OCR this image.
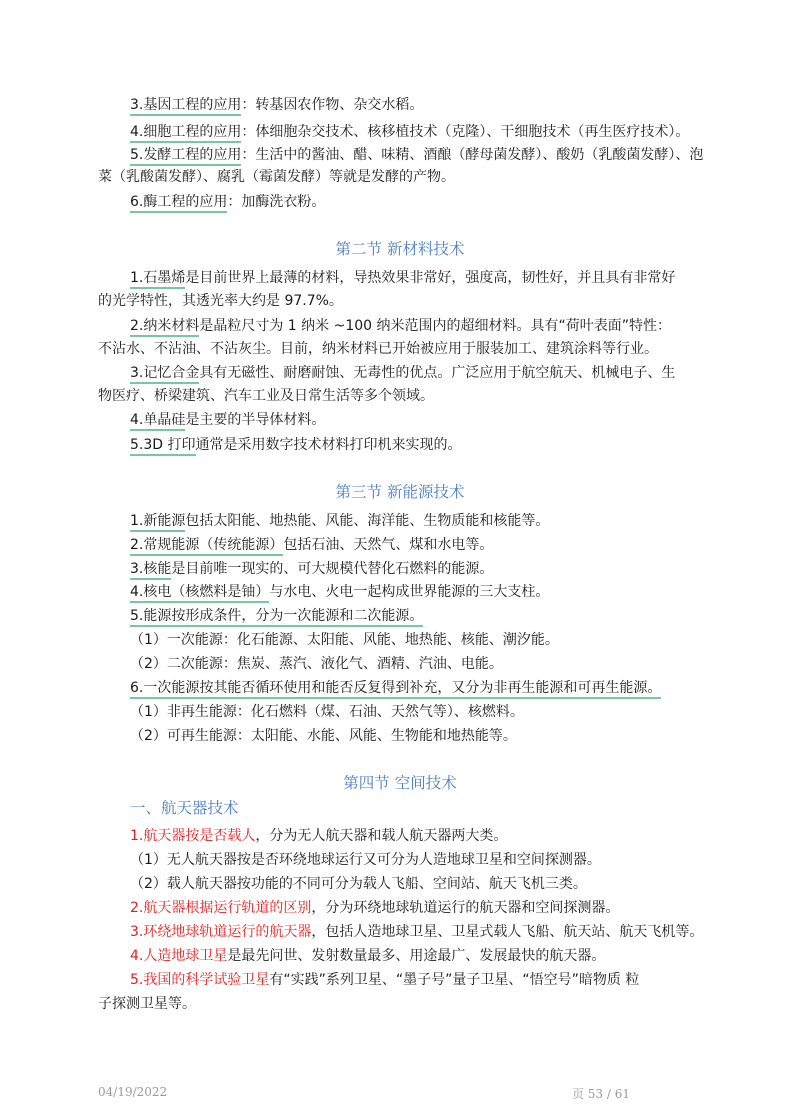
3.基因工程的应用：转基因农作物、杂交水稻。
4.细胞工程的应用：体细胞杂交技术、核移植技术（克隆）、干细胞技术（再生医疗技术）。
5.发酵工程的应用：生活中的酱油、醋、味精、酒酿（酵母菌发酵）、酸奶（乳酸菌发酵）、泡
菜（乳酸菌发酵）、腐乳（霉菌发酵）等就是发酵的产物。
6.酶工程的应用：加酶洗衣粉。
第二节 新材料技术
1.石墨烯是目前世界上最薄的材料，导热效果非常好，强度高，韧性好，并且具有非常好
的光学特性，其透光率大约是 97.7%。
2.纳米材料是晶粒尺寸为 1 纳米 ~100 纳米范围内的超细材料。具有“荷叶表面”特性：
不沾水、不沾油、不沾灰尘。目前，纳米材料已开始被应用于服装加工、建筑涂料等行业。
3.记忆合金具有无磁性、耐磨耐蚀、无毒性的优点。广泛应用于航空航天、机械电子、生
物医疗、桥梁建筑、汽车工业及日常生活等多个领域。
4.单晶硅是主要的半导体材料。
5.3D 打印通常是采用数字技术材料打印机来实现的。
第三节 新能源技术
1.新能源包括太阳能、地热能、风能、海洋能、生物质能和核能等。
2.常规能源（传统能源）包括石油、天然气、煤和水电等。
3.核能是目前唯一现实的、可大规模代替化石燃料的能源。
4.核电（核燃料是铀）与水电、火电一起构成世界能源的三大支柱。
5.能源按形成条件，分为一次能源和二次能源。
（1）一次能源：化石能源、太阳能、风能、地热能、核能、潮汐能。
（2）二次能源：焦炭、蒸汽、液化气、酒精、汽油、电能。
6.一次能源按其能否循环使用和能否反复得到补充，又分为非再生能源和可再生能源。
（1）非再生能源：化石燃料（煤、石油、天然气等）、核燃料。
（2）可再生能源：太阳能、水能、风能、生物能和地热能等。
第四节 空间技术
一、航天器技术
1.航天器按是否载人，分为无人航天器和载人航天器两大类。
（1）无人航天器按是否环绕地球运行又可分为人造地球卫星和空间探测器。
（2）载人航天器按功能的不同可分为载人飞船、空间站、航天飞机三类。
2.航天器根据运行轨道的区别，分为环绕地球轨道运行的航天器和空间探测器。
3.环绕地球轨道运行的航天器，包括人造地球卫星、卫星式载人飞船、航天站、航天飞机等。
4.人造地球卫星是最先问世、发射数量最多、用途最广、发展最快的航天器。
5.我国的科学试验卫星有“实践”系列卫星、“墨子号”量子卫星、“悟空号”暗物质 粒
子探测卫星等。
04/19/2022	页 53 / 61
